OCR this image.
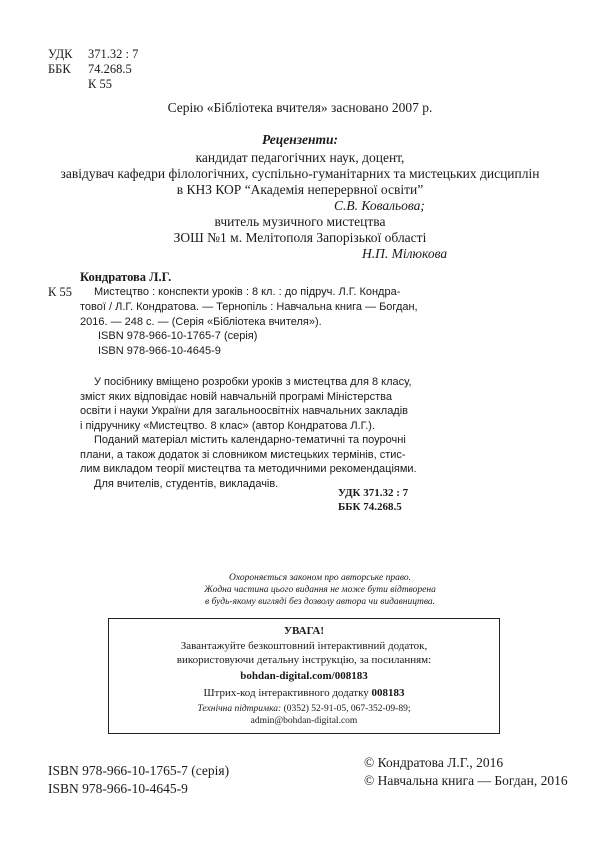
УДК	371.32 : 7
ББК	74.268.5
К 55
Серію «Бібліотека вчителя» засновано 2007 р.
Рецензенти:
кандидат педагогічних наук, доцент,
завідувач кафедри філологічних, суспільно-гуманітарних та мистецьких дисциплін
в КНЗ КОР “Академія неперервної освіти”
С.В. Ковальова;
вчитель музичного мистецтва
ЗОШ №1 м. Мелітополя Запорізької області
Н.П. Мілюкова
Кондратова Л.Г.
К 55	Мистецтво : конспекти уроків : 8 кл. : до підруч. Л.Г. Кондра-
тової / Л.Г. Кондратова. — Тернопіль : Навчальна книга — Богдан,
2016. — 248 с. — (Серія «Бібліотека вчителя»).
ISBN 978-966-10-1765-7 (серія)
ISBN 978-966-10-4645-9
У посібнику вміщено розробки уроків з мистецтва для 8 класу,
зміст яких відповідає новій навчальній програмі Міністерства
освіти і науки України для загальноосвітніх навчальних закладів
і підручнику «Мистецтво. 8 клас» (автор Кондратова Л.Г.).
Поданий матеріал містить календарно-тематичні та поурочні
плани, а також додаток зі словником мистецьких термінів, стис-
лим викладом теорії мистецтва та методичними рекомендаціями.
Для вчителів, студентів, викладачів.
УДК 371.32 : 7
ББК 74.268.5
Охороняється законом про авторське право.
Жодна частина цього видання не може бути відтворена
в будь-якому вигляді без дозволу автора чи видавництва.
УВАГА!
Завантажуйте безкоштовний інтерактивний додаток,
використовуючи детальну інструкцію, за посиланням:
bohdan-digital.com/008183
Штрих-код інтерактивного додатку 008183
Технічна підтримка: (0352) 52-91-05, 067-352-09-89;
admin@bohdan-digital.com
ISBN 978-966-10-1765-7 (серія)
ISBN 978-966-10-4645-9
© Кондратова Л.Г., 2016
© Навчальна книга — Богдан, 2016
